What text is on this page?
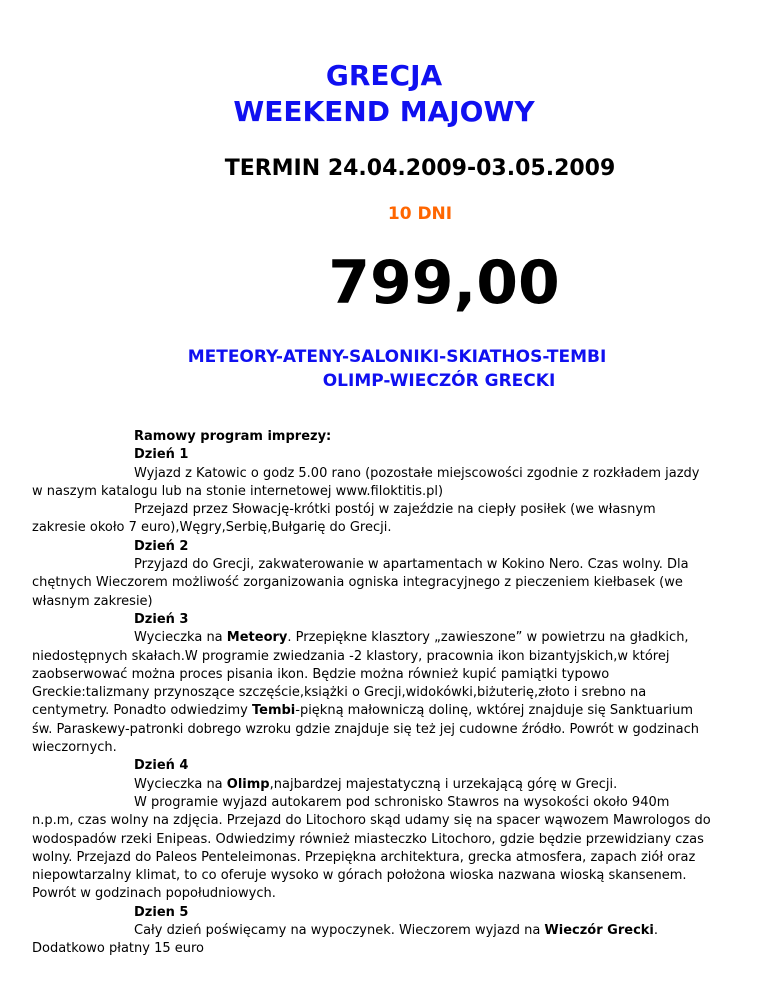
GRECJA
WEEKEND MAJOWY
TERMIN 24.04.2009-03.05.2009
10 DNI
799,00
METEORY-ATENY-SALONIKI-SKIATHOS-TEMBI
OLIMP-WIECZÓR GRECKI

Ramowy program imprezy:

Dzień 1

Wyjazd z Katowic o godz 5.00 rano (pozostałe miejscowości zgodnie z rozkładem jazdy w naszym katalogu lub na stonie internetowej www.filoktitis.pl)

Przejazd przez Słowację-krótki postój w zajeździe na ciepły posiłek (we własnym zakresie około 7 euro),Węgry,Serbię,Bułgarię do Grecji.

Dzień 2

Przyjazd do Grecji, zakwaterowanie w apartamentach w Kokino Nero. Czas wolny. Dla chętnych Wieczorem możliwość zorganizowania ogniska integracyjnego z pieczeniem kiełbasek (we własnym zakresie)

Dzień 3

Wycieczka na Meteory. Przepiękne klasztory „zawieszone” w powietrzu na gładkich, niedostępnych skałach.W programie zwiedzania -2 klastory, pracownia ikon bizantyjskich,w której zaobserwować można proces pisania ikon. Będzie można również kupić pamiątki typowo Greckie:talizmany przynoszące szczęście,książki o Grecji,widokówki,biżuterię,złoto i srebno na centymetry. Ponadto odwiedzimy Tembi-piękną małowniczą dolinę, wktórej znajduje się Sanktuarium św. Paraskewy-patronki dobrego wzroku gdzie znajduje się też jej cudowne źródło. Powrót w godzinach wieczornych.

Dzień 4

Wycieczka na Olimp,najbardzej majestatyczną i urzekającą górę w Grecji.

W programie wyjazd autokarem pod schronisko Stawros na wysokości około 940m n.p.m, czas wolny na zdjęcia. Przejazd do Litochoro skąd udamy się na spacer wąwozem Mawrologos do wodospadów rzeki Enipeas. Odwiedzimy również miasteczko Litochoro, gdzie będzie przewidziany czas wolny. Przejazd do Paleos Penteleimonas. Przepiękna architektura, grecka atmosfera, zapach ziół oraz niepowtarzalny klimat, to co oferuje wysoko w górach położona wioska nazwana wioską skansenem. Powrót w godzinach popołudniowych.

Dzien 5

Cały dzień poświęcamy na wypoczynek. Wieczorem wyjazd na Wieczór Grecki. Dodatkowo płatny 15 euro
